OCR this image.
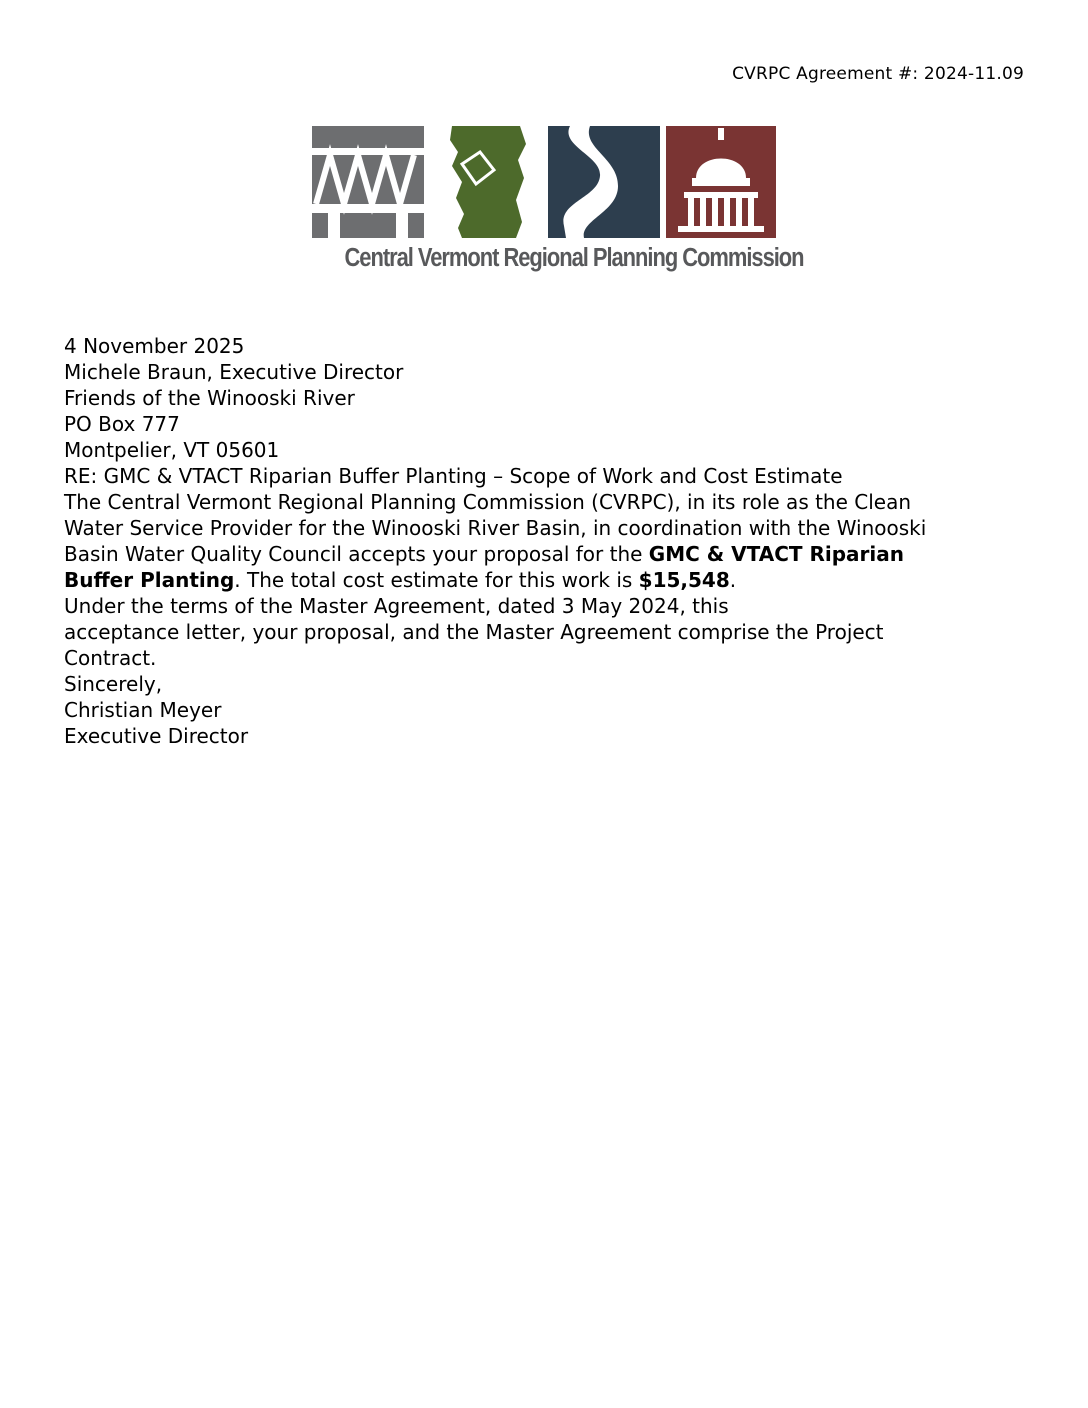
CVRPC Agreement #: 2024-11.09
Central Vermont Regional Planning Commission

4 November 2025

Michele Braun, Executive Director
Friends of the Winooski River
PO Box 777
Montpelier, VT 05601

RE: GMC & VTACT Riparian Buffer Planting – Scope of Work and Cost Estimate

The Central Vermont Regional Planning Commission (CVRPC), in its role as the Clean
Water Service Provider for the Winooski River Basin, in coordination with the Winooski
Basin Water Quality Council accepts your proposal for the GMC & VTACT Riparian
Buffer Planting. The total cost estimate for this work is $15,548.

Under the terms of the Master Agreement, dated 3 May 2024, this
acceptance letter, your proposal, and the Master Agreement comprise the Project
Contract.

Sincerely,
Christian Meyer
Executive Director
